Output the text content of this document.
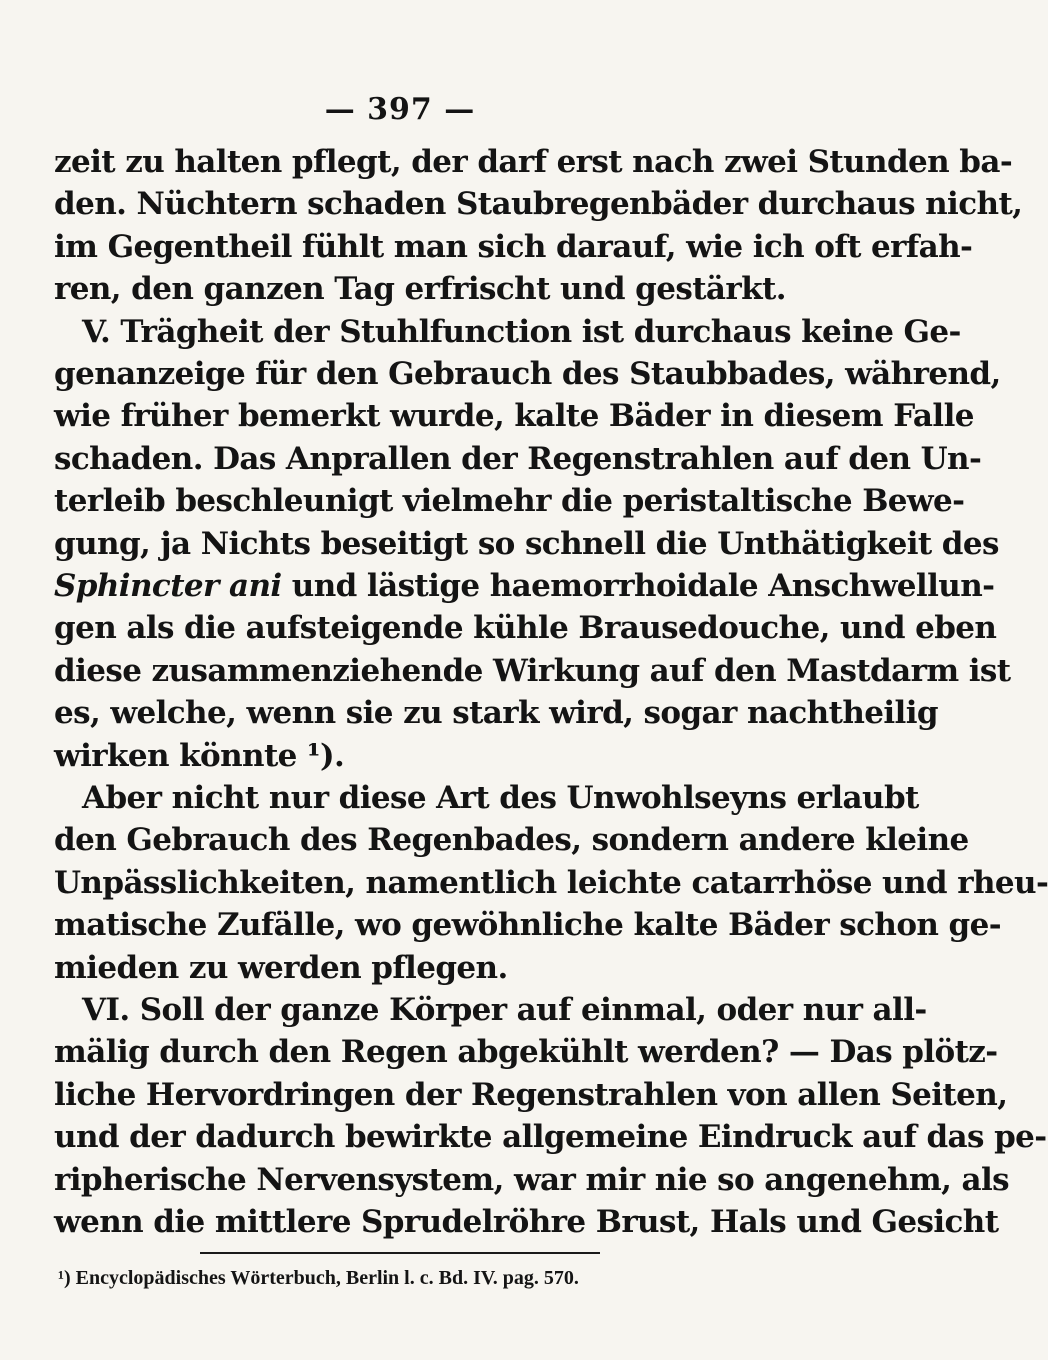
— 397 —
zeit zu halten pflegt, der darf erst nach zwei Stunden ba-
den. Nüchtern schaden Staubregenbäder durchaus nicht,
im Gegentheil fühlt man sich darauf, wie ich oft erfah-
ren, den ganzen Tag erfrischt und gestärkt.
V. Trägheit der Stuhlfunction ist durchaus keine Ge-
genanzeige für den Gebrauch des Staubbades, während,
wie früher bemerkt wurde, kalte Bäder in diesem Falle
schaden. Das Anprallen der Regenstrahlen auf den Un-
terleib beschleunigt vielmehr die peristaltische Bewe-
gung, ja Nichts beseitigt so schnell die Unthätigkeit des
Sphincter ani und lästige haemorrhoidale Anschwellun-
gen als die aufsteigende kühle Brausedouche, und eben
diese zusammenziehende Wirkung auf den Mastdarm ist
es, welche, wenn sie zu stark wird, sogar nachtheilig
wirken könnte ¹).
Aber nicht nur diese Art des Unwohlseyns erlaubt
den Gebrauch des Regenbades, sondern andere kleine
Unpässlichkeiten, namentlich leichte catarrhöse und rheu-
matische Zufälle, wo gewöhnliche kalte Bäder schon ge-
mieden zu werden pflegen.
VI. Soll der ganze Körper auf einmal, oder nur all-
mälig durch den Regen abgekühlt werden? — Das plötz-
liche Hervordringen der Regenstrahlen von allen Seiten,
und der dadurch bewirkte allgemeine Eindruck auf das pe-
ripherische Nervensystem, war mir nie so angenehm, als
wenn die mittlere Sprudelröhre Brust, Hals und Gesicht
¹) Encyclopädisches Wörterbuch, Berlin l. c. Bd. IV. pag. 570.
